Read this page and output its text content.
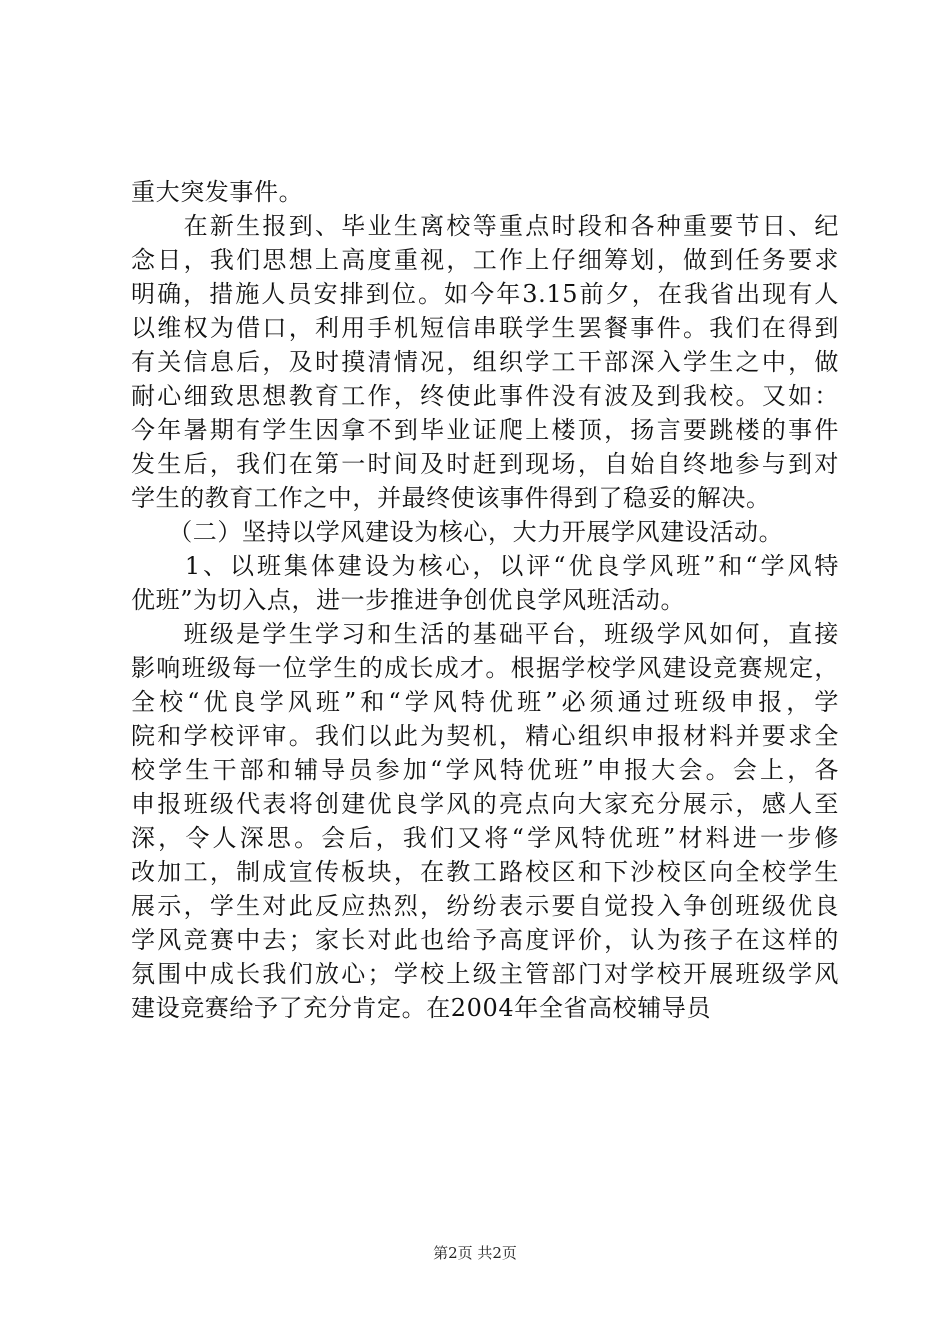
重大突发事件。
　　在新生报到、毕业生离校等重点时段和各种重要节日、纪
念日，我们思想上高度重视，工作上仔细筹划，做到任务要求
明确，措施人员安排到位。如今年3.15前夕，在我省出现有人
以维权为借口，利用手机短信串联学生罢餐事件。我们在得到
有关信息后，及时摸清情况，组织学工干部深入学生之中，做
耐心细致思想教育工作，终使此事件没有波及到我校。又如：
今年暑期有学生因拿不到毕业证爬上楼顶，扬言要跳楼的事件
发生后，我们在第一时间及时赶到现场，自始自终地参与到对
学生的教育工作之中，并最终使该事件得到了稳妥的解决。
　　（二）坚持以学风建设为核心，大力开展学风建设活动。
　　1、以班集体建设为核心，以评“优良学风班”和“学风特
优班”为切入点，进一步推进争创优良学风班活动。
　　班级是学生学习和生活的基础平台，班级学风如何，直接
影响班级每一位学生的成长成才。根据学校学风建设竞赛规定，
全校“优良学风班”和“学风特优班”必须通过班级申报，学
院和学校评审。我们以此为契机，精心组织申报材料并要求全
校学生干部和辅导员参加“学风特优班”申报大会。会上，各
申报班级代表将创建优良学风的亮点向大家充分展示，感人至
深，令人深思。会后，我们又将“学风特优班”材料进一步修
改加工，制成宣传板块，在教工路校区和下沙校区向全校学生
展示，学生对此反应热烈，纷纷表示要自觉投入争创班级优良
学风竞赛中去；家长对此也给予高度评价，认为孩子在这样的
氛围中成长我们放心；学校上级主管部门对学校开展班级学风
建设竞赛给予了充分肯定。在2004年全省高校辅导员
第2页 共2页
